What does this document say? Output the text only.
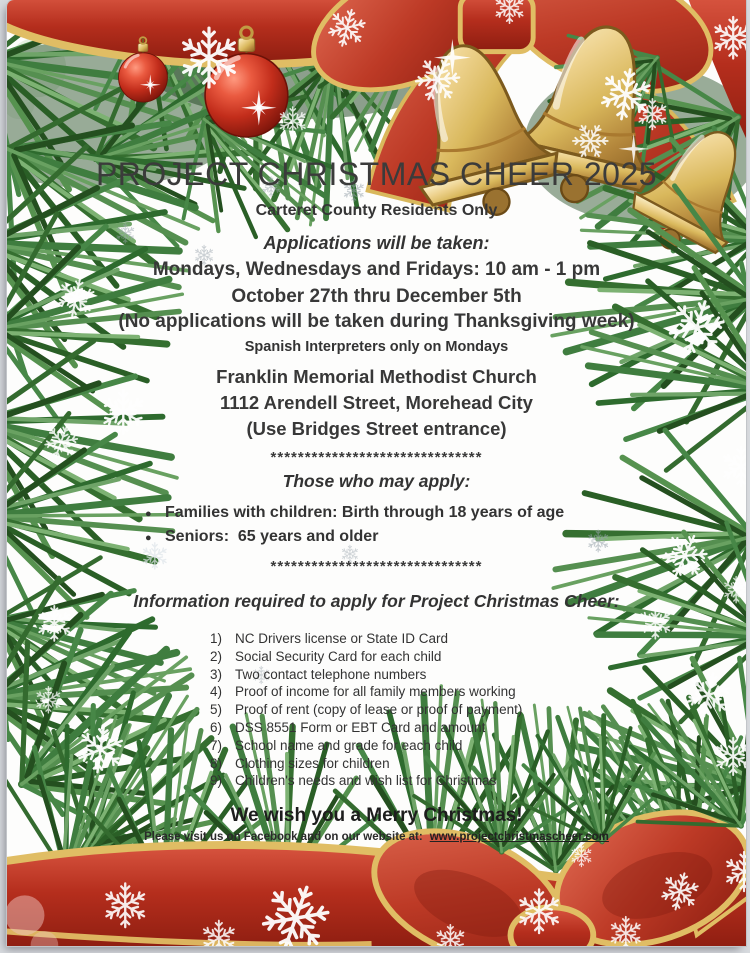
PROJECT CHRISTMAS CHEER 2025
Carteret County Residents Only
Applications will be taken:
Mondays, Wednesdays and Fridays: 10 am - 1 pm
October 27th thru December 5th
(No applications will be taken during Thanksgiving week)
Spanish Interpreters only on Mondays
Franklin Memorial Methodist Church
1112 Arendell Street, Morehead City
(Use Bridges Street entrance)
*******************************
Those who may apply:
● Families with children: Birth through 18 years of age
● Seniors:  65 years and older
*******************************
Information required to apply for Project Christmas Cheer:
1) NC Drivers license or State ID Card
2) Social Security Card for each child
3) Two contact telephone numbers
4) Proof of income for all family members working
5) Proof of rent (copy of lease or proof of payment)
6) DSS 8551 Form or EBT Card and amount
7) School name and grade for each child
8) Clothing sizes for children
9) Children's needs and wish list for Christmas
We wish you a Merry Christmas!
Please visit us on Facebook and on our website at: www.projectchristmascheer.com
